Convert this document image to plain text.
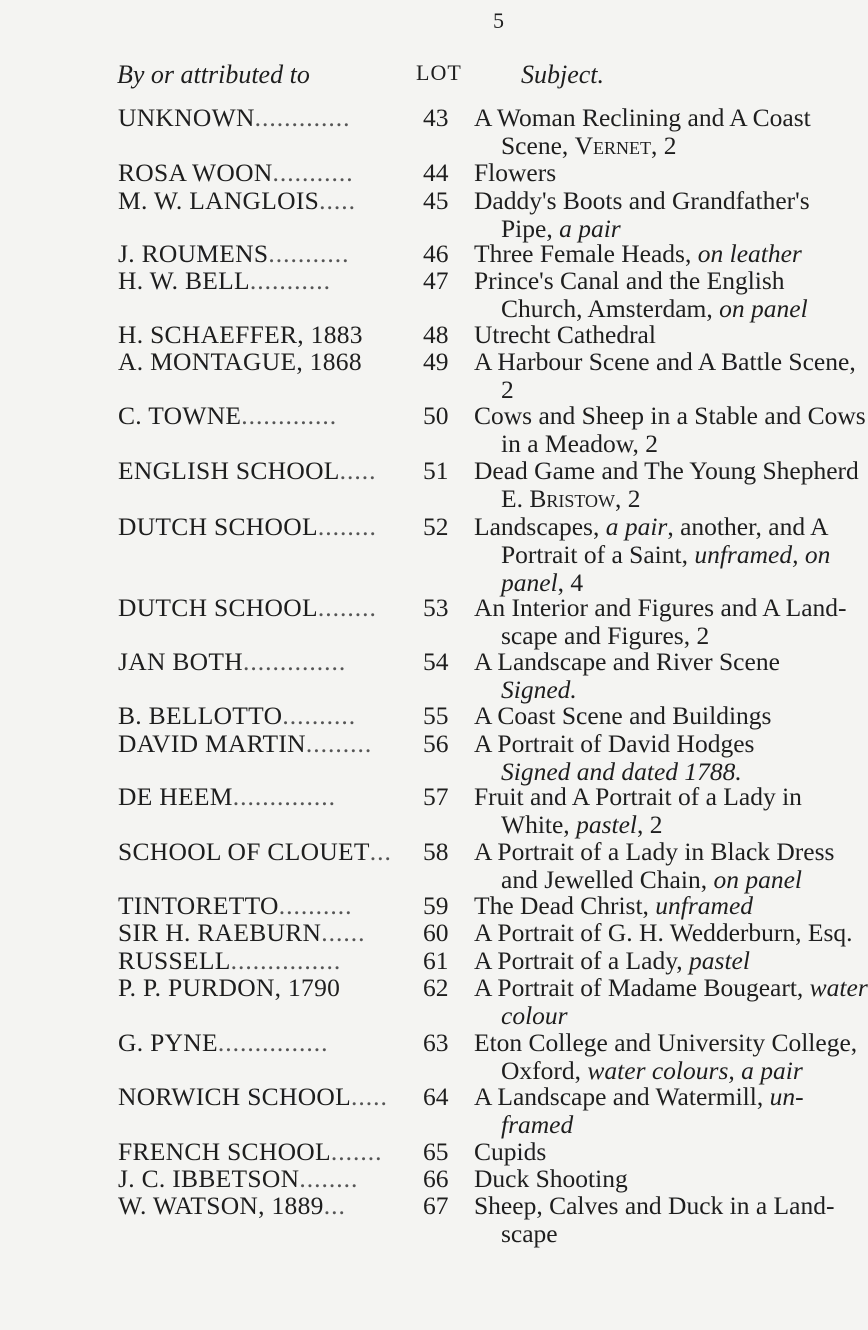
5
By or attributed to	LOT Subject.
UNKNOWN.............	43	A Woman Reclining and A Coast
Scene, Vernet, 2
ROSA WOON...........	44	Flowers
M. W. LANGLOIS.....	45	Daddy's Boots and Grandfather's
Pipe, a pair
J. ROUMENS...........	46	Three Female Heads, on leather
H. W. BELL...........	47	Prince's Canal and the English
Church, Amsterdam, on panel
H. SCHAEFFER, 1883	48	Utrecht Cathedral
A. MONTAGUE, 1868	49	A Harbour Scene and A Battle Scene,
2
C. TOWNE.............	50	Cows and Sheep in a Stable and Cows
in a Meadow, 2
ENGLISH SCHOOL.....	51	Dead Game and The Young Shepherd
E. Bristow, 2
DUTCH SCHOOL........	52	Landscapes, a pair, another, and A
Portrait of a Saint, unframed, on
panel, 4
DUTCH SCHOOL........	53	An Interior and Figures and A Land-
scape and Figures, 2
JAN BOTH..............	54	A Landscape and River Scene
Signed.
B. BELLOTTO..........	55	A Coast Scene and Buildings
DAVID MARTIN.........	56	A Portrait of David Hodges
Signed and dated 1788.
DE HEEM..............	57	Fruit and A Portrait of a Lady in
White, pastel, 2
SCHOOL OF CLOUET...	58	A Portrait of a Lady in Black Dress
and Jewelled Chain, on panel
TINTORETTO..........	59	The Dead Christ, unframed
SIR H. RAEBURN......	60	A Portrait of G. H. Wedderburn, Esq.
RUSSELL...............	61	A Portrait of a Lady, pastel
P. P. PURDON, 1790	62	A Portrait of Madame Bougeart, water
colour
G. PYNE...............	63	Eton College and University College,
Oxford, water colours, a pair
NORWICH SCHOOL.....	64	A Landscape and Watermill, un-
framed
FRENCH SCHOOL.......	65	Cupids
J. C. IBBETSON........	66	Duck Shooting
W. WATSON, 1889...	67	Sheep, Calves and Duck in a Land-
scape
